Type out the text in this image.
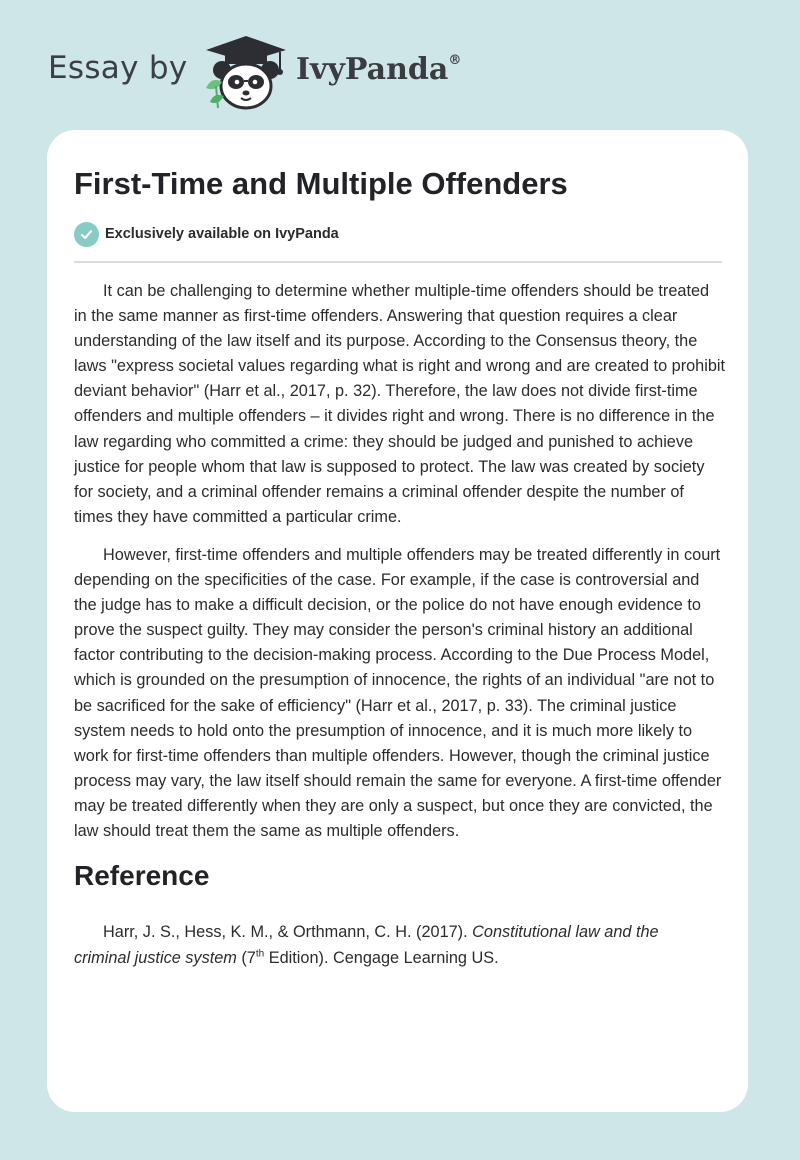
Essay by	IvyPanda®
First-Time and Multiple Offenders
Exclusively available on IvyPanda

It can be challenging to determine whether multiple-time offenders should be treated in the same manner as first-time offenders. Answering that question requires a clear understanding of the law itself and its purpose. According to the Consensus theory, the laws "express societal values regarding what is right and wrong and are created to prohibit deviant behavior" (Harr et al., 2017, p. 32). Therefore, the law does not divide first-time offenders and multiple offenders – it divides right and wrong. There is no difference in the law regarding who committed a crime: they should be judged and punished to achieve justice for people whom that law is supposed to protect. The law was created by society for society, and a criminal offender remains a criminal offender despite the number of times they have committed a particular crime.

However, first-time offenders and multiple offenders may be treated differently in court depending on the specificities of the case. For example, if the case is controversial and the judge has to make a difficult decision, or the police do not have enough evidence to prove the suspect guilty. They may consider the person's criminal history an additional factor contributing to the decision-making process. According to the Due Process Model, which is grounded on the presumption of innocence, the rights of an individual "are not to be sacrificed for the sake of efficiency" (Harr et al., 2017, p. 33). The criminal justice system needs to hold onto the presumption of innocence, and it is much more likely to work for first-time offenders than multiple offenders. However, though the criminal justice process may vary, the law itself should remain the same for everyone. A first-time offender may be treated differently when they are only a suspect, but once they are convicted, the law should treat them the same as multiple offenders.

Reference

Harr, J. S., Hess, K. M., & Orthmann, C. H. (2017). Constitutional law and the criminal justice system (7th Edition). Cengage Learning US.
